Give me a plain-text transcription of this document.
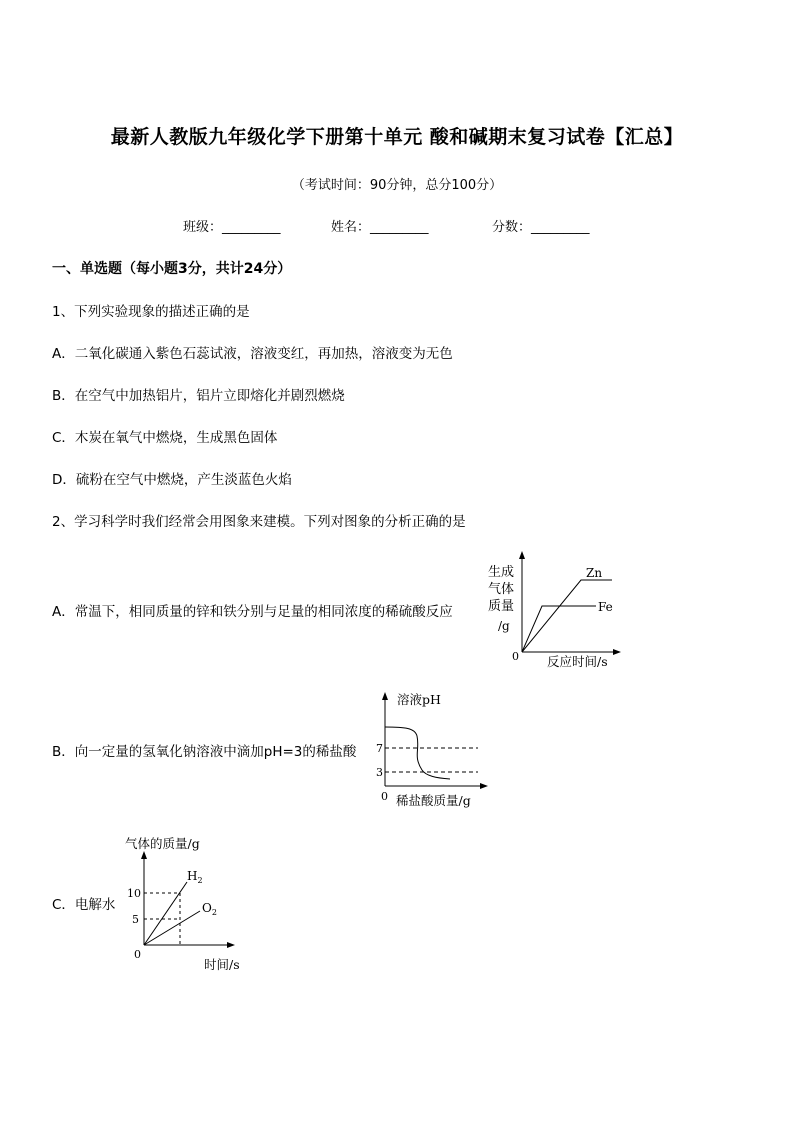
最新人教版九年级化学下册第十单元 酸和碱期末复习试卷【汇总】
（考试时间：90分钟，总分100分）
班级：_________	姓名：_________	分数：_________
一、单选题（每小题3分，共计24分）
1、下列实验现象的描述正确的是
A．二氧化碳通入紫色石蕊试液，溶液变红，再加热，溶液变为无色
B．在空气中加热铝片，铝片立即熔化并剧烈燃烧
C．木炭在氧气中燃烧，生成黑色固体
D．硫粉在空气中燃烧，产生淡蓝色火焰
2、学习科学时我们经常会用图象来建模。下列对图象的分析正确的是
A．常温下，相同质量的锌和铁分别与足量的相同浓度的稀硫酸反应
B．向一定量的氢氧化钠溶液中滴加pH=3的稀盐酸
C．电解水
生成
气体
质量
/g
0 反应时间/s
Zn
Fe
溶液pH
7
3
0 稀盐酸质量/g
气体的质量/g
10
5
0
时间/s
$H_2$
$O_2$
